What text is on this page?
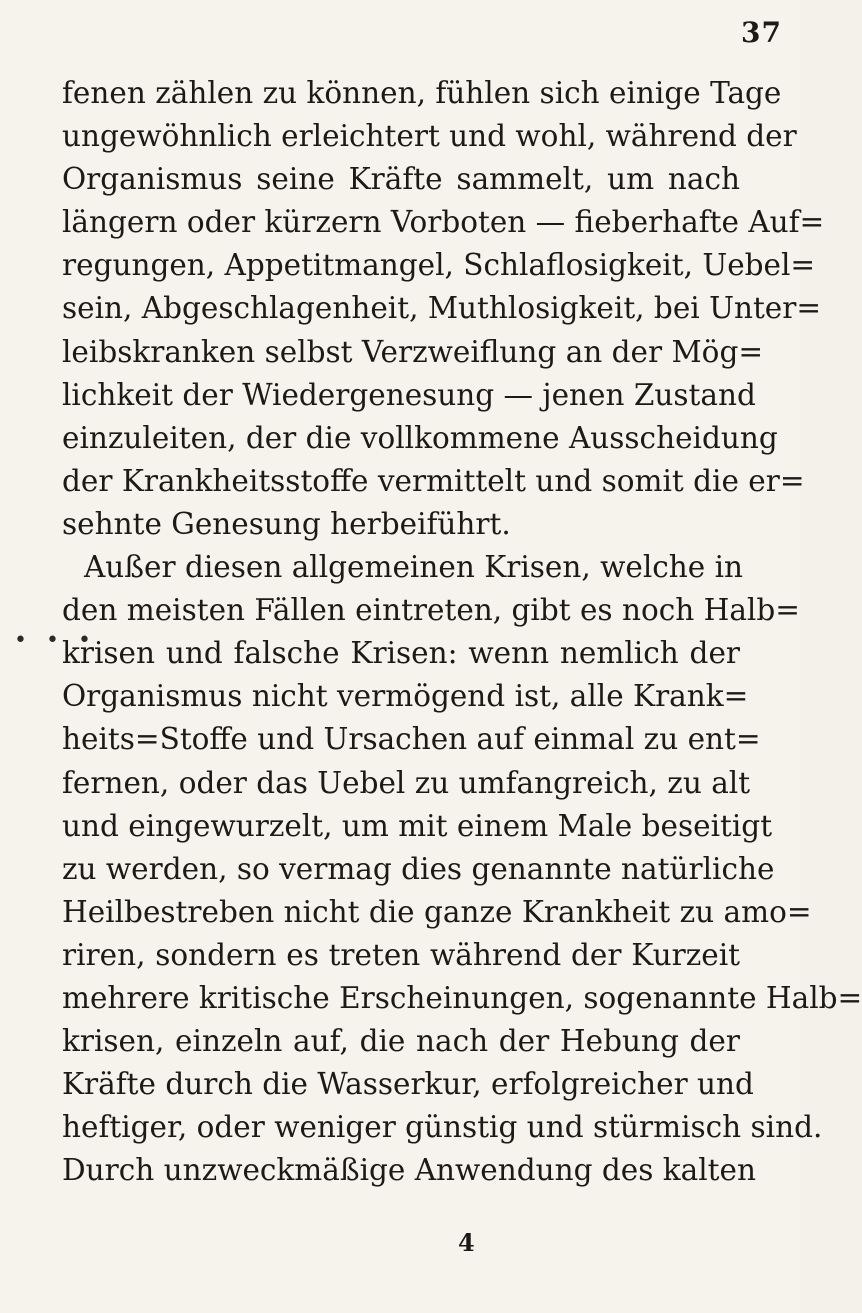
37
• • •
fenen zählen zu können, fühlen sich einige Tage
ungewöhnlich erleichtert und wohl, während der
Organismus seine Kräfte sammelt, um nach
längern oder kürzern Vorboten — fieberhafte Auf=
regungen, Appetitmangel, Schlaflosigkeit, Uebel=
sein, Abgeschlagenheit, Muthlosigkeit, bei Unter=
leibskranken selbst Verzweiflung an der Mög=
lichkeit der Wiedergenesung — jenen Zustand
einzuleiten, der die vollkommene Ausscheidung
der Krankheitsstoffe vermittelt und somit die er=
sehnte Genesung herbeiführt.
Außer diesen allgemeinen Krisen, welche in
den meisten Fällen eintreten, gibt es noch Halb=
krisen und falsche Krisen: wenn nemlich der
Organismus nicht vermögend ist, alle Krank=
heits=Stoffe und Ursachen auf einmal zu ent=
fernen, oder das Uebel zu umfangreich, zu alt
und eingewurzelt, um mit einem Male beseitigt
zu werden, so vermag dies genannte natürliche
Heilbestreben nicht die ganze Krankheit zu amo=
riren, sondern es treten während der Kurzeit
mehrere kritische Erscheinungen, sogenannte Halb=
krisen, einzeln auf, die nach der Hebung der
Kräfte durch die Wasserkur, erfolgreicher und
heftiger, oder weniger günstig und stürmisch sind.
Durch unzweckmäßige Anwendung des kalten
4
